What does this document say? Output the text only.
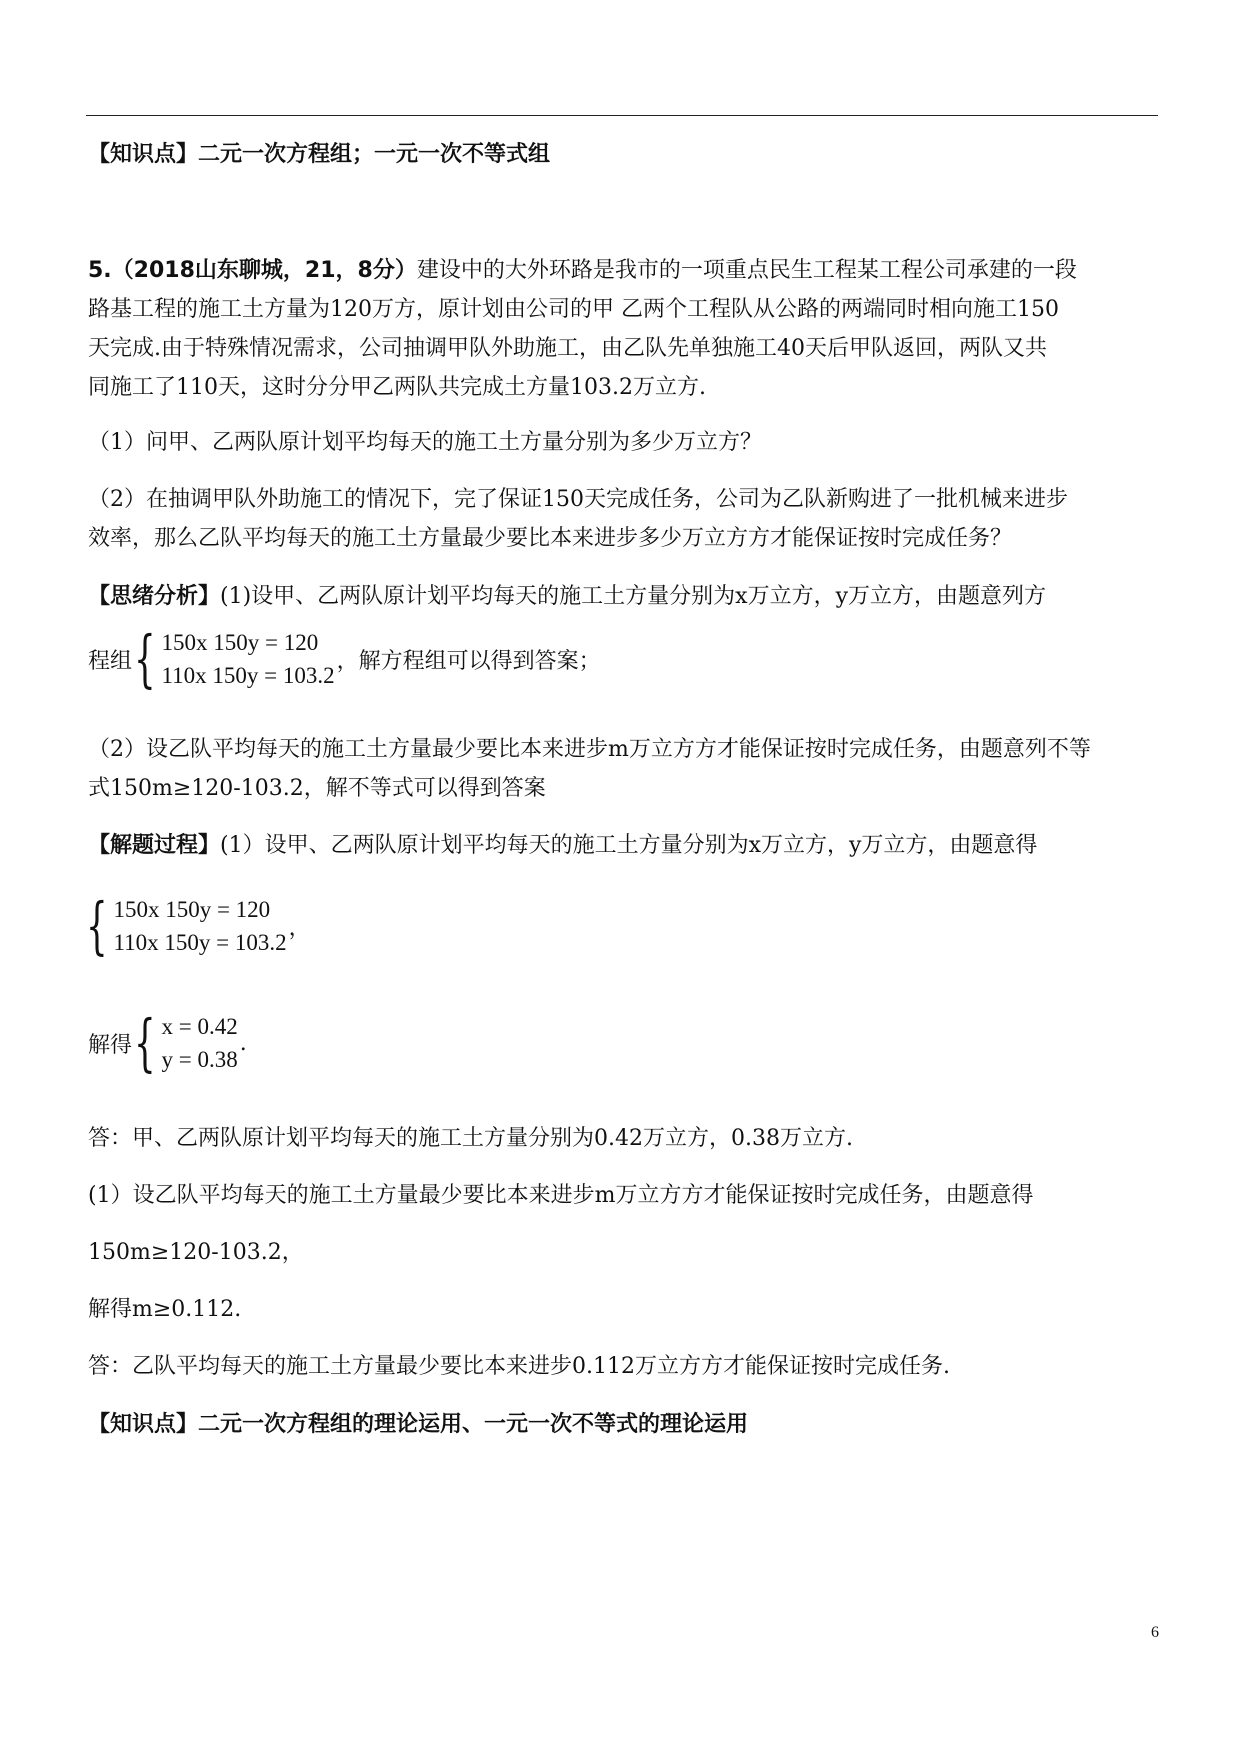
【知识点】二元一次方程组；一元一次不等式组
5.（2018山东聊城，21，8分）建设中的大外环路是我市的一项重点民生工程某工程公司承建的一段
路基工程的施工土方量为120万方，原计划由公司的甲 乙两个工程队从公路的两端同时相向施工150
天完成.由于特殊情况需求，公司抽调甲队外助施工，由乙队先单独施工40天后甲队返回，两队又共
同施工了110天，这时分分甲乙两队共完成土方量103.2万立方.
（1）问甲、乙两队原计划平均每天的施工土方量分别为多少万立方？
（2）在抽调甲队外助施工的情况下，完了保证150天完成任务，公司为乙队新购进了一批机械来进步
效率，那么乙队平均每天的施工土方量最少要比本来进步多少万立方方才能保证按时完成任务？
【思绪分析】(1)设甲、乙两队原计划平均每天的施工土方量分别为x万立方，y万立方，由题意列方
程组 { 150x 150y = 120
110x 150y = 103.2
，解方程组可以得到答案；
（2）设乙队平均每天的施工土方量最少要比本来进步m万立方方才能保证按时完成任务，由题意列不等
式150m≥120-103.2，解不等式可以得到答案
【解题过程】(1）设甲、乙两队原计划平均每天的施工土方量分别为x万立方，y万立方，由题意得
{ 150x 150y = 120
110x 150y = 103.2
，
解得 { x = 0.42
y = 0.38
.
答：甲、乙两队原计划平均每天的施工土方量分别为0.42万立方，0.38万立方.
(1）设乙队平均每天的施工土方量最少要比本来进步m万立方方才能保证按时完成任务，由题意得
150m≥120-103.2，
解得m≥0.112.
答：乙队平均每天的施工土方量最少要比本来进步0.112万立方方才能保证按时完成任务.
【知识点】二元一次方程组的理论运用、一元一次不等式的理论运用
6
